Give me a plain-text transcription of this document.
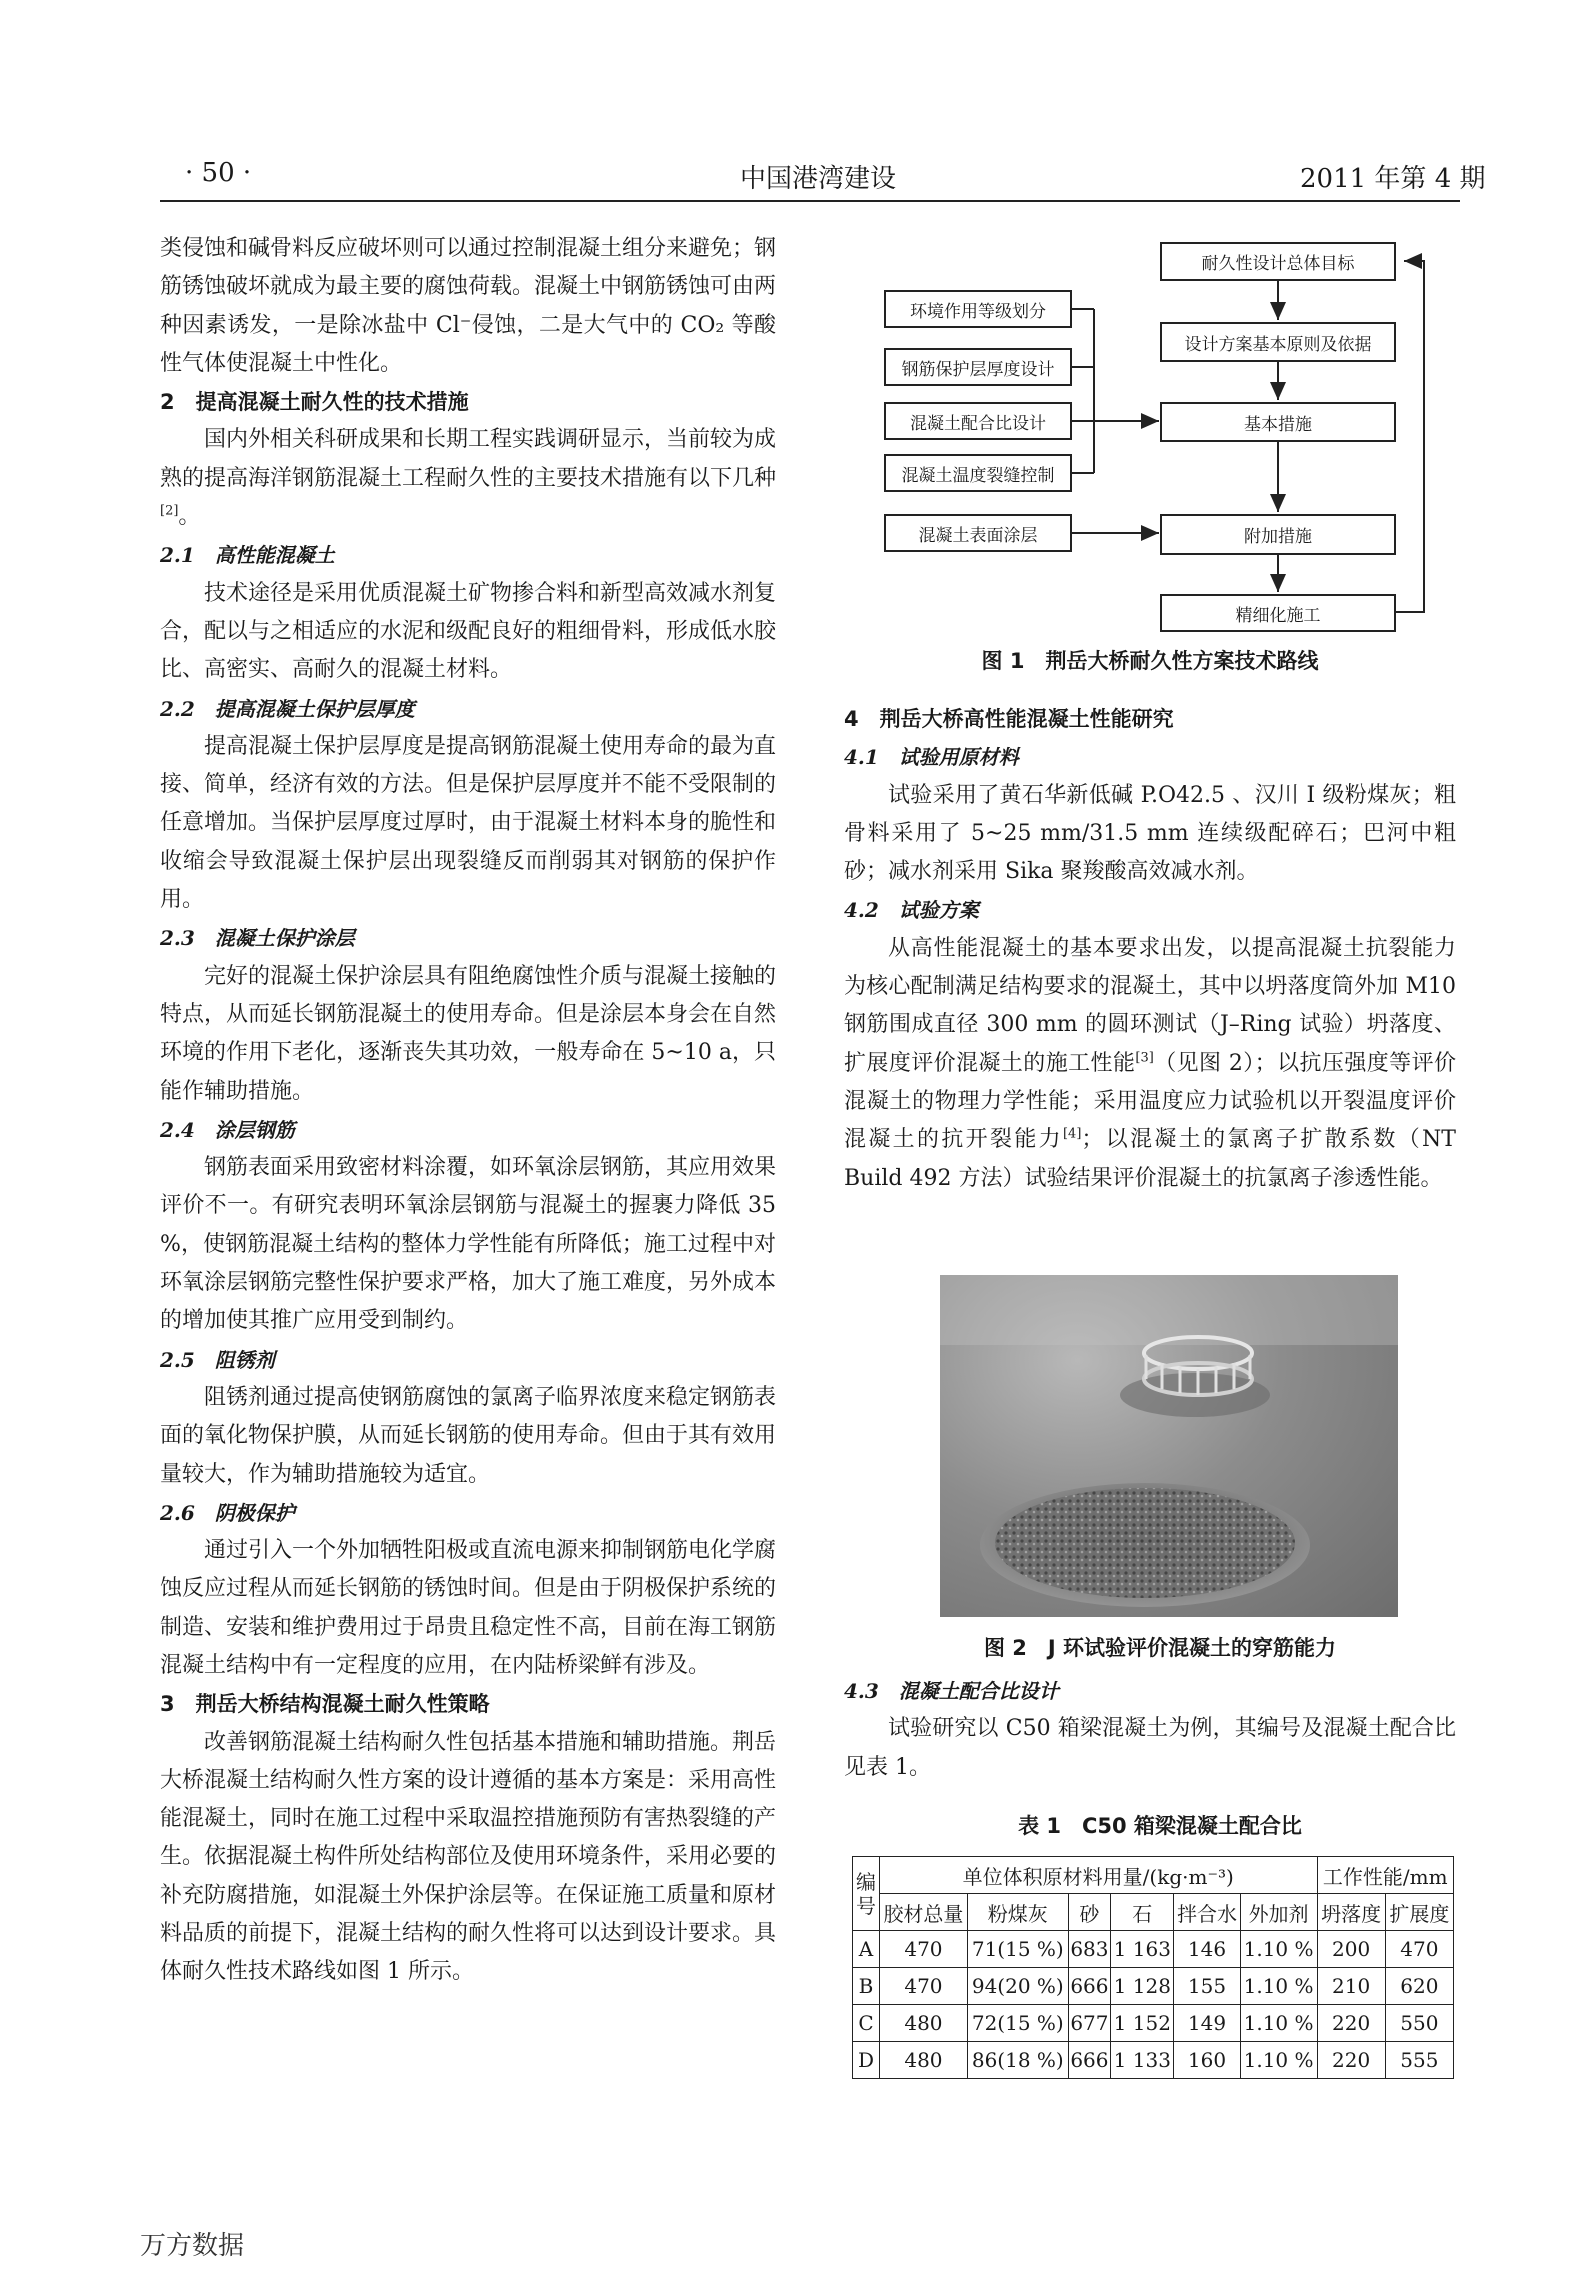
· 50 ·	中国港湾建设	2011 年第 4 期

类侵蚀和碱骨料反应破坏则可以通过控制混凝土组分来避免；钢筋锈蚀破坏就成为最主要的腐蚀荷载。混凝土中钢筋锈蚀可由两种因素诱发，一是除冰盐中 Cl⁻侵蚀，二是大气中的 CO₂ 等酸性气体使混凝土中性化。

2　提高混凝土耐久性的技术措施

国内外相关科研成果和长期工程实践调研显示，当前较为成熟的提高海洋钢筋混凝土工程耐久性的主要技术措施有以下几种[2]。

2.1　高性能混凝土

技术途径是采用优质混凝土矿物掺合料和新型高效减水剂复合，配以与之相适应的水泥和级配良好的粗细骨料，形成低水胶比、高密实、高耐久的混凝土材料。

2.2　提高混凝土保护层厚度

提高混凝土保护层厚度是提高钢筋混凝土使用寿命的最为直接、简单，经济有效的方法。但是保护层厚度并不能不受限制的任意增加。当保护层厚度过厚时，由于混凝土材料本身的脆性和收缩会导致混凝土保护层出现裂缝反而削弱其对钢筋的保护作用。

2.3　混凝土保护涂层

完好的混凝土保护涂层具有阻绝腐蚀性介质与混凝土接触的特点，从而延长钢筋混凝土的使用寿命。但是涂层本身会在自然环境的作用下老化，逐渐丧失其功效，一般寿命在 5~10 a，只能作辅助措施。

2.4　涂层钢筋

钢筋表面采用致密材料涂覆，如环氧涂层钢筋，其应用效果评价不一。有研究表明环氧涂层钢筋与混凝土的握裹力降低 35 %，使钢筋混凝土结构的整体力学性能有所降低；施工过程中对环氧涂层钢筋完整性保护要求严格，加大了施工难度，另外成本的增加使其推广应用受到制约。

2.5　阻锈剂

阻锈剂通过提高使钢筋腐蚀的氯离子临界浓度来稳定钢筋表面的氧化物保护膜，从而延长钢筋的使用寿命。但由于其有效用量较大，作为辅助措施较为适宜。

2.6　阴极保护

通过引入一个外加牺牲阳极或直流电源来抑制钢筋电化学腐蚀反应过程从而延长钢筋的锈蚀时间。但是由于阴极保护系统的制造、安装和维护费用过于昂贵且稳定性不高，目前在海工钢筋混凝土结构中有一定程度的应用，在内陆桥梁鲜有涉及。

3　荆岳大桥结构混凝土耐久性策略

改善钢筋混凝土结构耐久性包括基本措施和辅助措施。荆岳大桥混凝土结构耐久性方案的设计遵循的基本方案是：采用高性能混凝土，同时在施工过程中采取温控措施预防有害热裂缝的产生。依据混凝土构件所处结构部位及使用环境条件，采用必要的补充防腐措施，如混凝土外保护涂层等。在保证施工质量和原材料品质的前提下，混凝土结构的耐久性将可以达到设计要求。具体耐久性技术路线如图 1 所示。

环境作用等级划分
钢筋保护层厚度设计
混凝土配合比设计
混凝土温度裂缝控制
混凝土表面涂层
耐久性设计总体目标
设计方案基本原则及依据
基本措施
附加措施
精细化施工
图 1　荆岳大桥耐久性方案技术路线

4　荆岳大桥高性能混凝土性能研究

4.1　试验用原材料

试验采用了黄石华新低碱 P.O42.5 、汉川 I 级粉煤灰；粗骨料采用了 5~25 mm/31.5 mm 连续级配碎石；巴河中粗砂；减水剂采用 Sika 聚羧酸高效减水剂。

4.2　试验方案

从高性能混凝土的基本要求出发，以提高混凝土抗裂能力为核心配制满足结构要求的混凝土，其中以坍落度筒外加 M10 钢筋围成直径 300 mm 的圆环测试（J–Ring 试验）坍落度、扩展度评价混凝土的施工性能[3]（见图 2）；以抗压强度等评价混凝土的物理力学性能；采用温度应力试验机以开裂温度评价混凝土的抗开裂能力[4]；以混凝土的氯离子扩散系数（NT Build 492 方法）试验结果评价混凝土的抗氯离子渗透性能。

图 2　J 环试验评价混凝土的穿筋能力

4.3　混凝土配合比设计

试验研究以 C50 箱梁混凝土为例，其编号及混凝土配合比见表 1。

表 1　C50 箱梁混凝土配合比
编号	单位体积原材料用量/(kg·m⁻³)						工作性能/mm	
	胶材总量	粉煤灰	砂	石	拌合水	外加剂	坍落度	扩展度
A	470	71(15 %)	683	1 163	146	1.10 %	200	470
B	470	94(20 %)	666	1 128	155	1.10 %	210	620
C	480	72(15 %)	677	1 152	149	1.10 %	220	550
D	480	86(18 %)	666	1 133	160	1.10 %	220	555
万方数据
